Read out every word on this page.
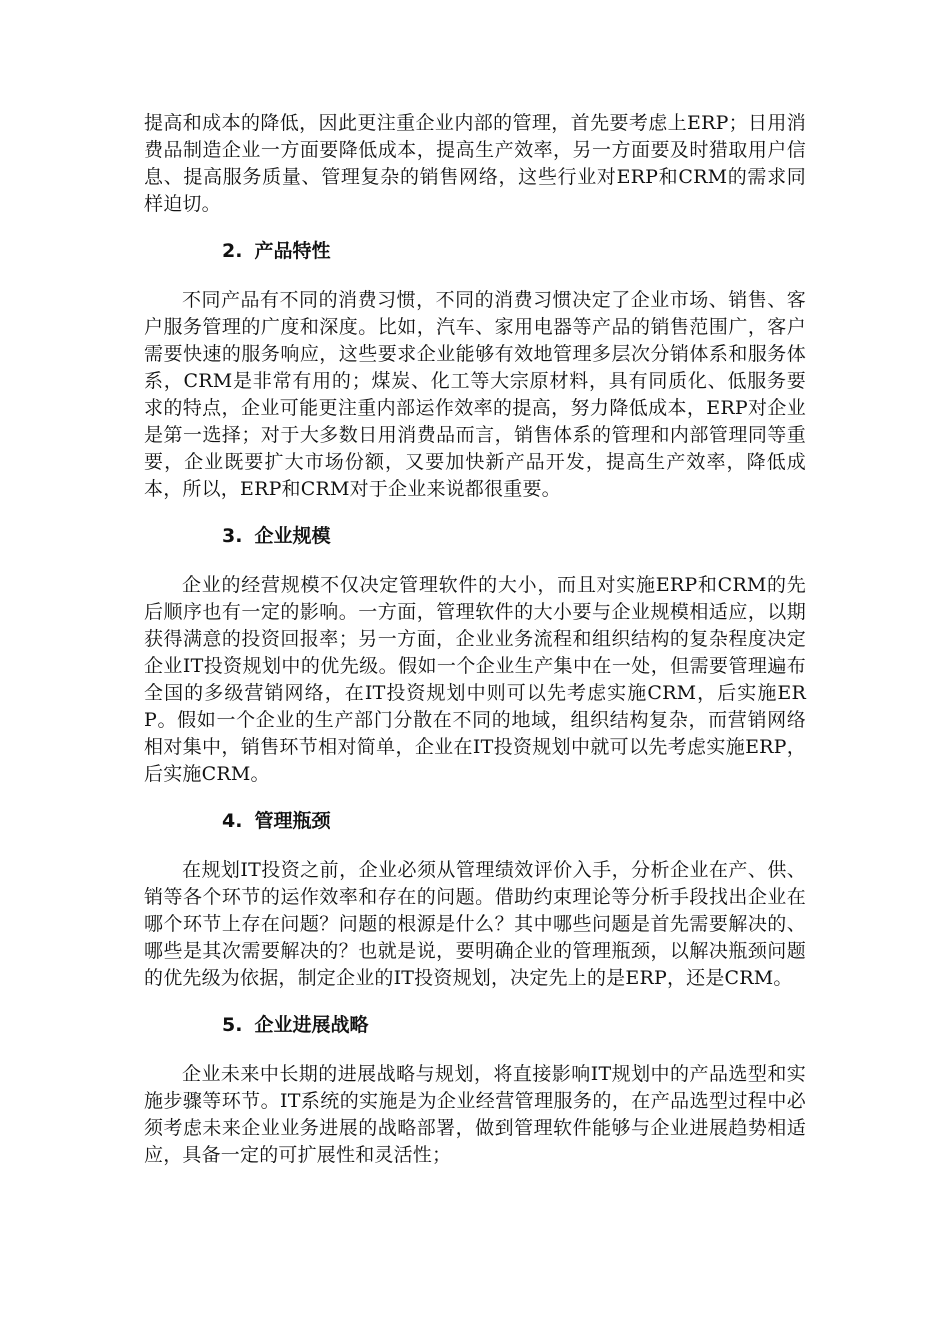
提高和成本的降低，因此更注重企业内部的管理，首先要考虑上ERP；日用消费品制造企业一方面要降低成本，提高生产效率，另一方面要及时猎取用户信息、提高服务质量、管理复杂的销售网络，这些行业对ERP和CRM的需求同样迫切。

2. 产品特性

不同产品有不同的消费习惯，不同的消费习惯决定了企业市场、销售、客户服务管理的广度和深度。比如，汽车、家用电器等产品的销售范围广，客户需要快速的服务响应，这些要求企业能够有效地管理多层次分销体系和服务体系，CRM是非常有用的；煤炭、化工等大宗原材料，具有同质化、低服务要求的特点，企业可能更注重内部运作效率的提高，努力降低成本，ERP对企业是第一选择；对于大多数日用消费品而言，销售体系的管理和内部管理同等重要，企业既要扩大市场份额，又要加快新产品开发，提高生产效率，降低成本，所以，ERP和CRM对于企业来说都很重要。

3. 企业规模

企业的经营规模不仅决定管理软件的大小，而且对实施ERP和CRM的先后顺序也有一定的影响。一方面，管理软件的大小要与企业规模相适应，以期获得满意的投资回报率；另一方面，企业业务流程和组织结构的复杂程度决定企业IT投资规划中的优先级。假如一个企业生产集中在一处，但需要管理遍布全国的多级营销网络，在IT投资规划中则可以先考虑实施CRM，后实施ERP。假如一个企业的生产部门分散在不同的地域，组织结构复杂，而营销网络相对集中，销售环节相对简单，企业在IT投资规划中就可以先考虑实施ERP，后实施CRM。

4. 管理瓶颈

在规划IT投资之前，企业必须从管理绩效评价入手，分析企业在产、供、销等各个环节的运作效率和存在的问题。借助约束理论等分析手段找出企业在哪个环节上存在问题？问题的根源是什么？其中哪些问题是首先需要解决的、哪些是其次需要解决的？也就是说，要明确企业的管理瓶颈，以解决瓶颈问题的优先级为依据，制定企业的IT投资规划，决定先上的是ERP，还是CRM。

5. 企业进展战略

企业未来中长期的进展战略与规划，将直接影响IT规划中的产品选型和实施步骤等环节。IT系统的实施是为企业经营管理服务的，在产品选型过程中必须考虑未来企业业务进展的战略部署，做到管理软件能够与企业进展趋势相适应，具备一定的可扩展性和灵活性；
